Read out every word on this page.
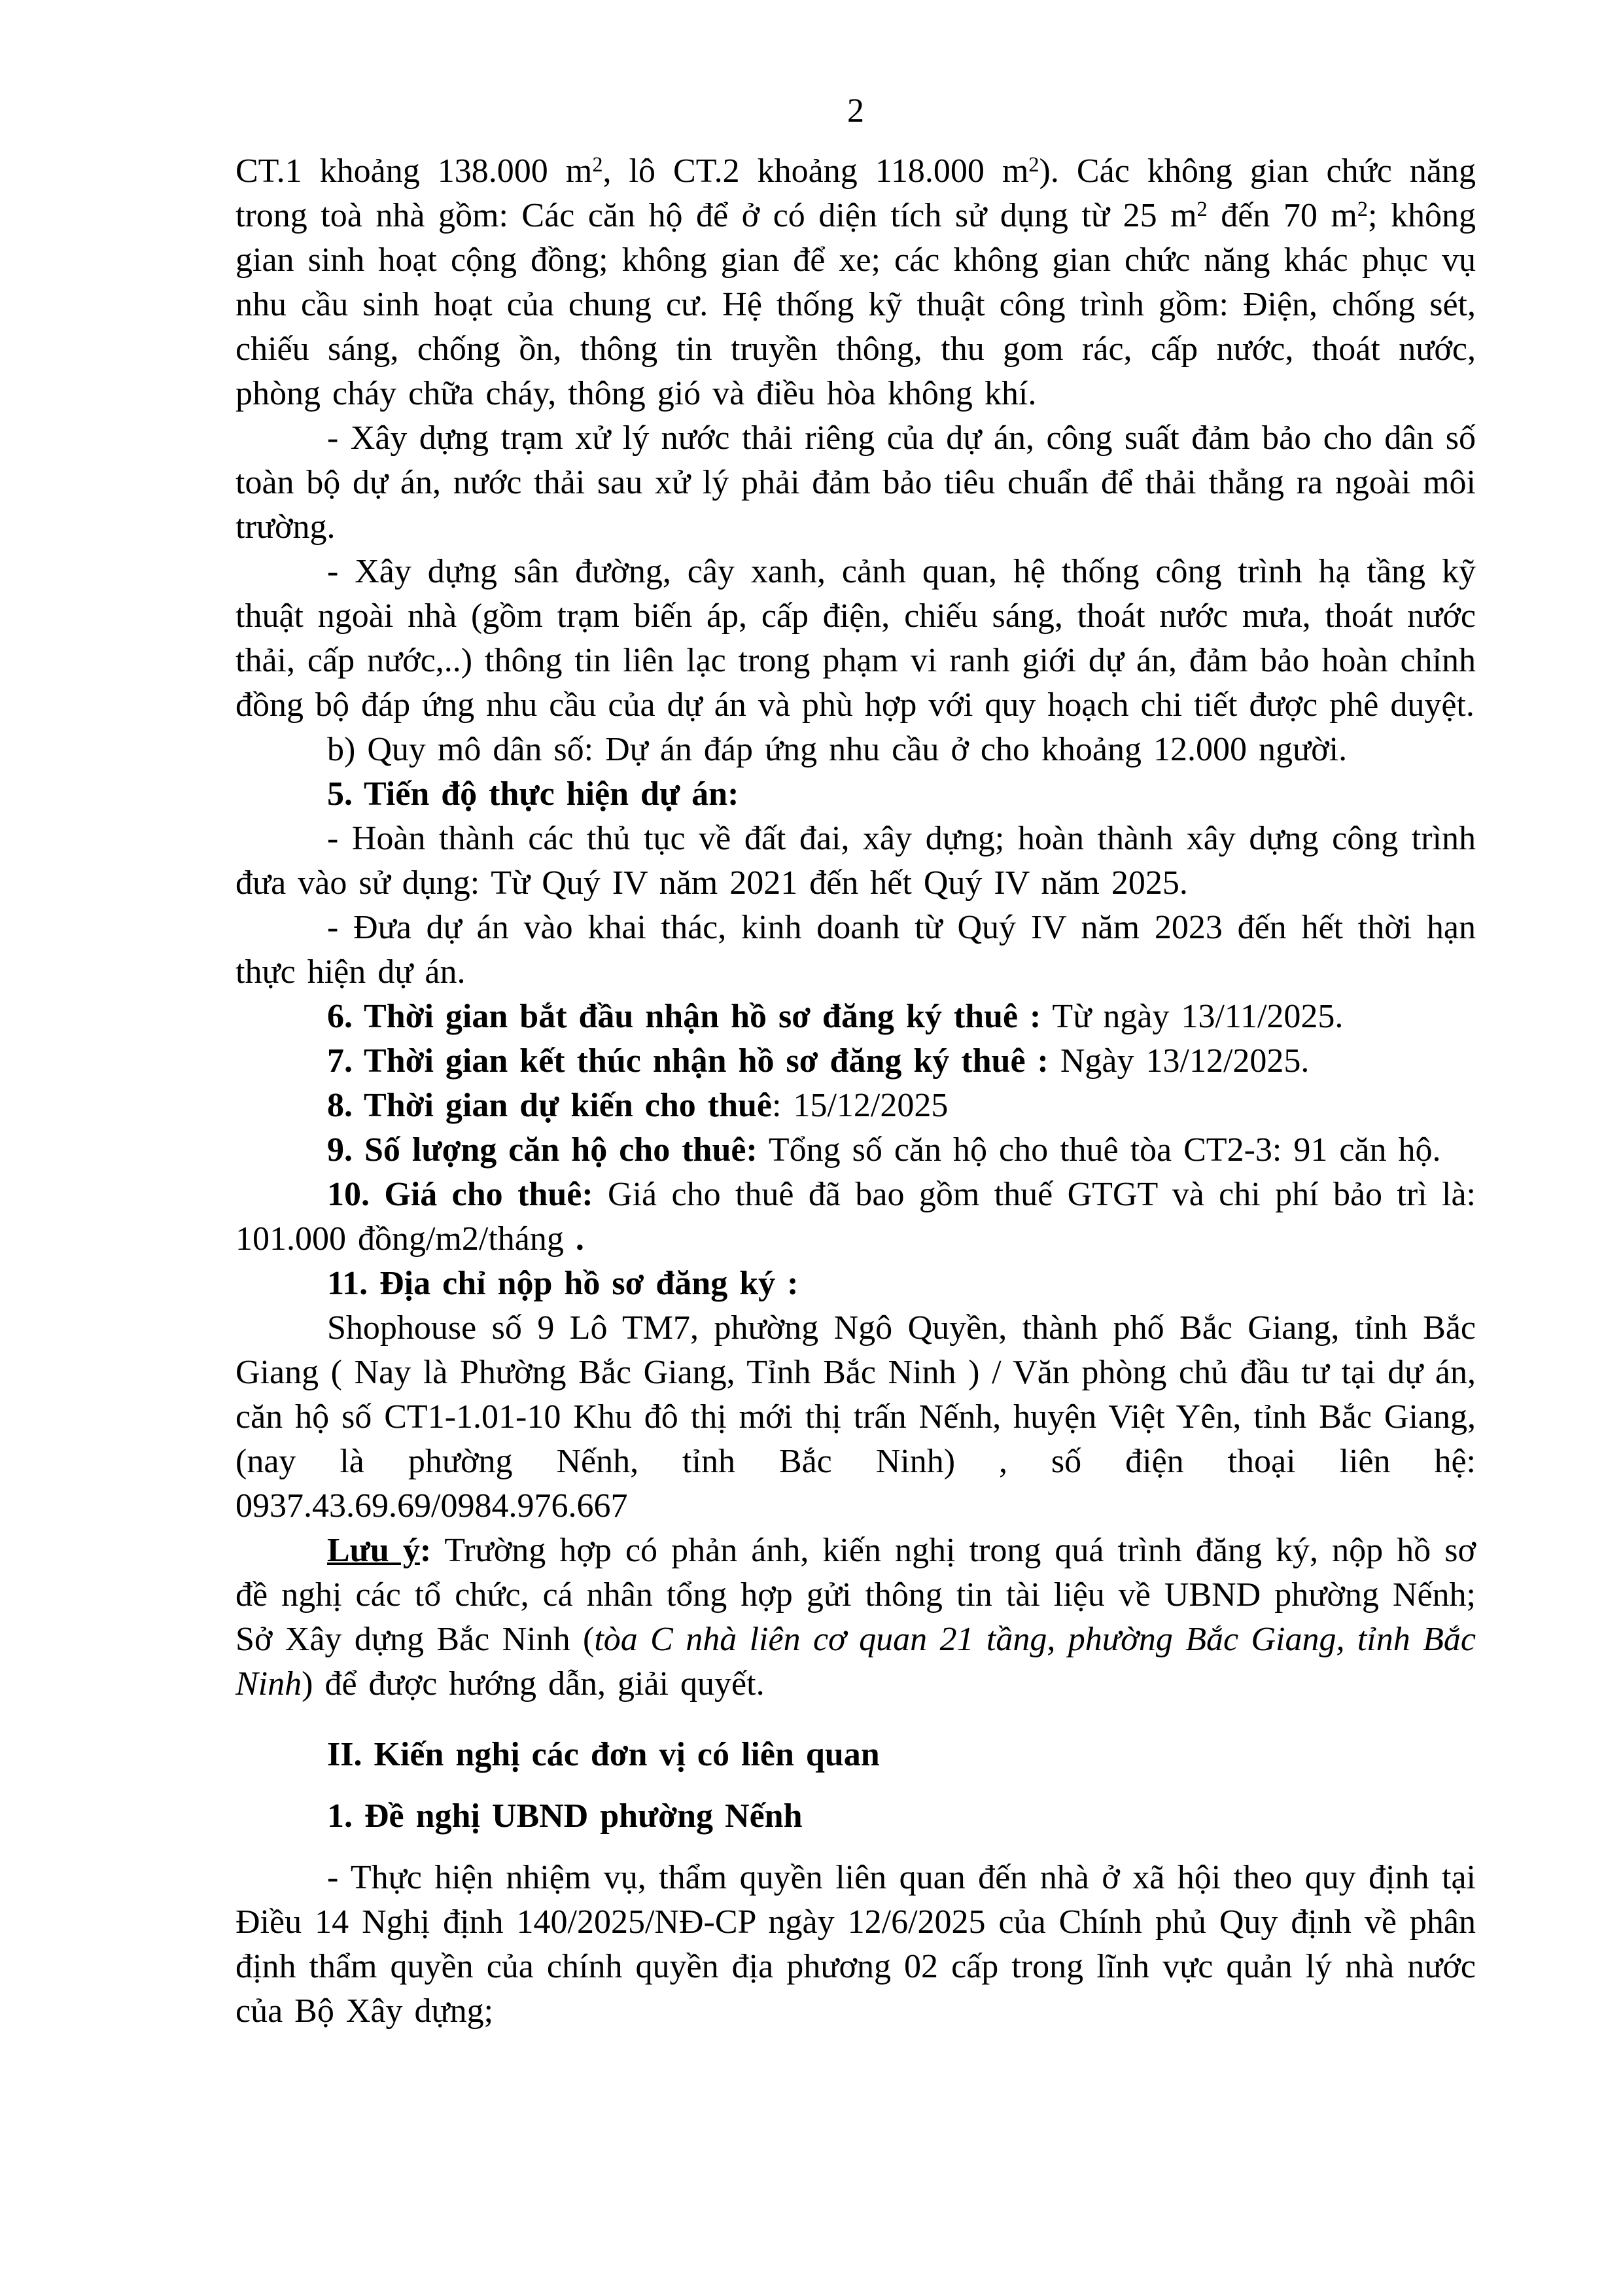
2

CT.1 khoảng 138.000 $m^2$, lô CT.2 khoảng 118.000 $m^2$). Các không gian chức năng trong toà nhà gồm: Các căn hộ để ở có diện tích sử dụng từ 25 $m^2$ đến 70 $m^2$; không gian sinh hoạt cộng đồng; không gian để xe; các không gian chức năng khác phục vụ nhu cầu sinh hoạt của chung cư. Hệ thống kỹ thuật công trình gồm: Điện, chống sét, chiếu sáng, chống ồn, thông tin truyền thông, thu gom rác, cấp nước, thoát nước, phòng cháy chữa cháy, thông gió và điều hòa không khí.

- Xây dựng trạm xử lý nước thải riêng của dự án, công suất đảm bảo cho dân số toàn bộ dự án, nước thải sau xử lý phải đảm bảo tiêu chuẩn để thải thẳng ra ngoài môi trường.

- Xây dựng sân đường, cây xanh, cảnh quan, hệ thống công trình hạ tầng kỹ thuật ngoài nhà (gồm trạm biến áp, cấp điện, chiếu sáng, thoát nước mưa, thoát nước thải, cấp nước,..) thông tin liên lạc trong phạm vi ranh giới dự án, đảm bảo hoàn chỉnh đồng bộ đáp ứng nhu cầu của dự án và phù hợp với quy hoạch chi tiết được phê duyệt.

b) Quy mô dân số: Dự án đáp ứng nhu cầu ở cho khoảng 12.000 người.

5. Tiến độ thực hiện dự án:

- Hoàn thành các thủ tục về đất đai, xây dựng; hoàn thành xây dựng công trình đưa vào sử dụng: Từ Quý IV năm 2021 đến hết Quý IV năm 2025.

- Đưa dự án vào khai thác, kinh doanh từ Quý IV năm 2023 đến hết thời hạn thực hiện dự án.

6. Thời gian bắt đầu nhận hồ sơ đăng ký thuê : Từ ngày 13/11/2025.

7. Thời gian kết thúc nhận hồ sơ đăng ký thuê : Ngày 13/12/2025.

8. Thời gian dự kiến cho thuê: 15/12/2025

9. Số lượng căn hộ cho thuê: Tổng số căn hộ cho thuê tòa CT2-3: 91 căn hộ.

10. Giá cho thuê: Giá cho thuê đã bao gồm thuế GTGT và chi phí bảo trì là: 101.000 đồng/m2/tháng .

11. Địa chỉ nộp hồ sơ đăng ký :

Shophouse số 9 Lô TM7, phường Ngô Quyền, thành phố Bắc Giang, tỉnh Bắc Giang ( Nay là Phường Bắc Giang, Tỉnh Bắc Ninh ) / Văn phòng chủ đầu tư tại dự án, căn hộ số CT1-1.01-10 Khu đô thị mới thị trấn Nếnh, huyện Việt Yên, tỉnh Bắc Giang,(nay là phường Nếnh, tỉnh Bắc Ninh) , số điện thoại liên hệ: 0937.43.69.69/0984.976.667

Lưu ý: Trường hợp có phản ánh, kiến nghị trong quá trình đăng ký, nộp hồ sơ đề nghị các tổ chức, cá nhân tổng hợp gửi thông tin tài liệu về UBND phường Nếnh; Sở Xây dựng Bắc Ninh (tòa C nhà liên cơ quan 21 tầng, phường Bắc Giang, tỉnh Bắc Ninh) để được hướng dẫn, giải quyết.

II. Kiến nghị các đơn vị có liên quan

1. Đề nghị UBND phường Nếnh

- Thực hiện nhiệm vụ, thẩm quyền liên quan đến nhà ở xã hội theo quy định tại Điều 14 Nghị định 140/2025/NĐ-CP ngày 12/6/2025 của Chính phủ Quy định về phân định thẩm quyền của chính quyền địa phương 02 cấp trong lĩnh vực quản lý nhà nước của Bộ Xây dựng;
